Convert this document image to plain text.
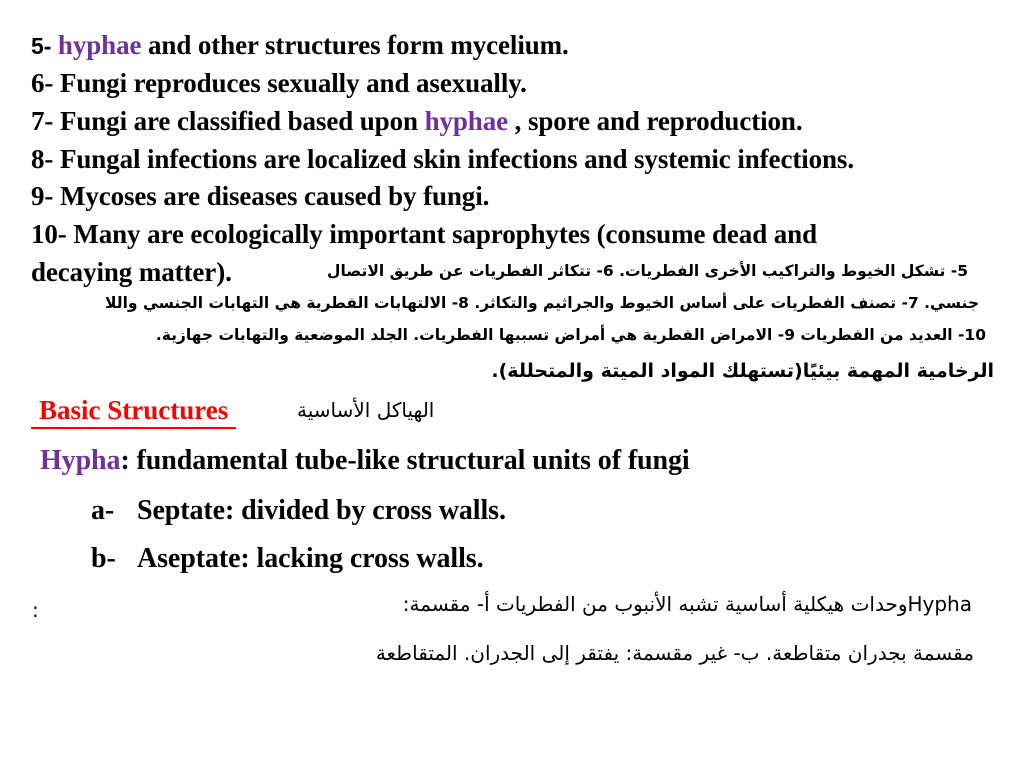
5- hyphae and other structures form mycelium.
6- Fungi reproduces sexually and asexually.
7- Fungi are classified based upon hyphae , spore and reproduction.
8- Fungal infections are localized skin infections and systemic infections.
9- Mycoses are diseases caused by fungi.
10- Many are ecologically important saprophytes (consume dead and
decaying matter).	5- تشكل الخيوط والتراكيب الأخرى الفطريات. 6- تتكاثر الفطريات عن طريق الاتصال
جنسي. 7- تصنف الفطريات على أساس الخيوط والجراثيم والتكاثر. 8- الالتهابات الفطرية هي التهابات الجنسي واللا
10- العديد من الفطريات 9- الامراض الفطرية هي أمراض تسببها الفطريات. الجلد الموضعية والتهابات جهازية.
الرخامية المهمة بيئيًا(تستهلك المواد الميتة والمتحللة).
Basic Structures	الهياكل الأساسية
Hypha: fundamental tube-like structural units of fungi
a- Septate: divided by cross walls.
b- Aseptate: lacking cross walls.
:	Hyphaوحدات هيكلية أساسية تشبه الأنبوب من الفطريات أ- مقسمة:
مقسمة بجدران متقاطعة. ب- غير مقسمة: يفتقر إلى الجدران. المتقاطعة
